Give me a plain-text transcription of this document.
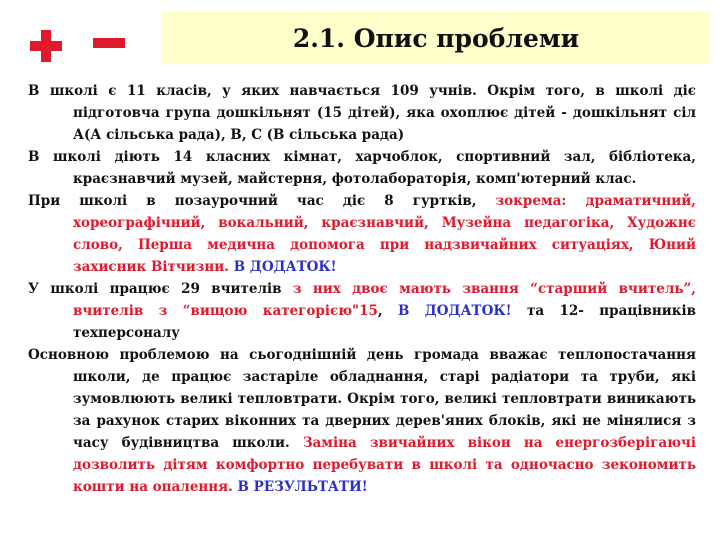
2.1. Опис проблеми

В школі є 11 класів, у яких навчається 109 учнів. Окрім того, в школі діє підготовча група дошкільнят (15 дітей), яка охоплює дітей - дошкільнят сіл А(А сільська рада), В, С (В сільська рада)

В школі діють 14 класних кімнат, харчоблок, спортивний зал, бібліотека, краєзнавчий музей, майстерня, фотолабораторія, комп'ютерний клас.

При школі в позаурочний час діє 8 гуртків, зокрема: драматичний, хореографічний, вокальний, краєзнавчий, Музейна педагогіка, Художнє слово, Перша медична допомога при надзвичайних ситуаціях, Юний захисник Вітчизни. В ДОДАТОК!

У школі працює 29 вчителів з них двоє мають звання “старший вчитель”, вчителів з “вищою категорією"15, В ДОДАТОК! та 12- працівників техперсоналу

Основною проблемою на сьогоднішній день громада вважає теплопостачання школи, де працює застаріле обладнання, старі радіатори та труби, які зумовлюють великі тепловтрати. Окрім того, великі тепловтрати виникають за рахунок старих віконних та дверних дерев'яних блоків, які не мінялися з часу будівництва школи. Заміна звичайних вікон на енергозберігаючі дозволить дітям комфортно перебувати в школі та одночасно зекономить кошти на опалення. В РЕЗУЛЬТАТИ!
